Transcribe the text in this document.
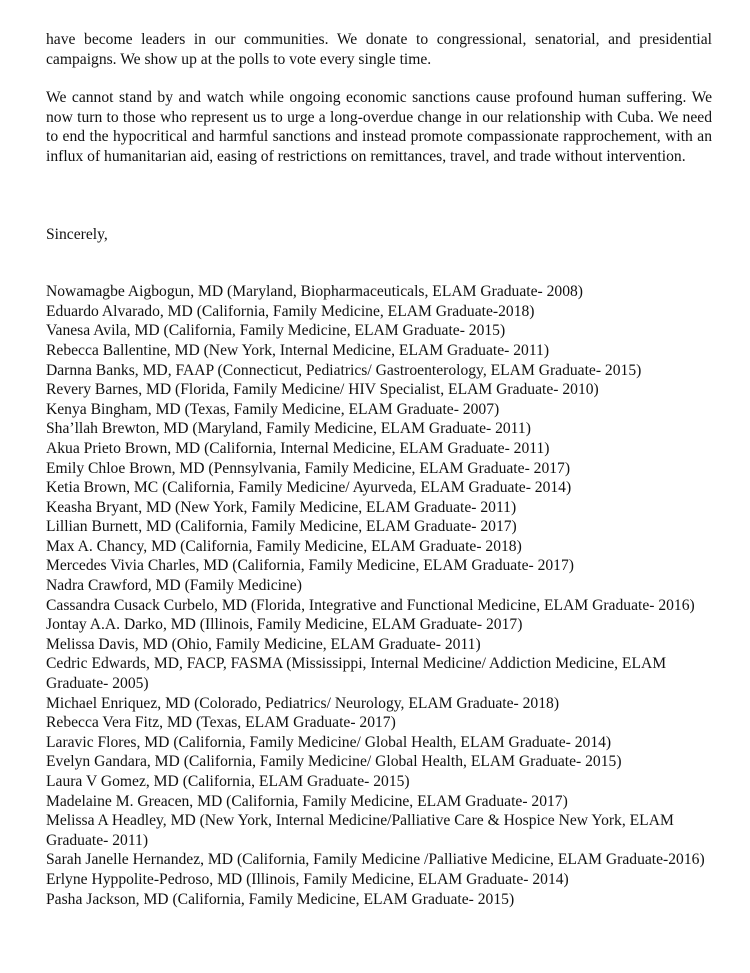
have become leaders in our communities. We donate to congressional, senatorial, and presidential campaigns. We show up at the polls to vote every single time.

We cannot stand by and watch while ongoing economic sanctions cause profound human suffering. We now turn to those who represent us to urge a long-overdue change in our relationship with Cuba. We need to end the hypocritical and harmful sanctions and instead promote compassionate rapprochement, with an influx of humanitarian aid, easing of restrictions on remittances, travel, and trade without intervention.

Sincerely,

Nowamagbe Aigbogun, MD (Maryland, Biopharmaceuticals, ELAM Graduate- 2008)
Eduardo Alvarado, MD (California, Family Medicine, ELAM Graduate-2018)
Vanesa Avila, MD (California, Family Medicine, ELAM Graduate- 2015)
Rebecca Ballentine, MD (New York, Internal Medicine, ELAM Graduate- 2011)
Darnna Banks, MD, FAAP (Connecticut, Pediatrics/ Gastroenterology, ELAM Graduate- 2015)
Revery Barnes, MD (Florida, Family Medicine/ HIV Specialist, ELAM Graduate- 2010)
Kenya Bingham, MD (Texas, Family Medicine, ELAM Graduate- 2007)
Sha’llah Brewton, MD (Maryland, Family Medicine, ELAM Graduate- 2011)
Akua Prieto Brown, MD (California, Internal Medicine, ELAM Graduate- 2011)
Emily Chloe Brown, MD (Pennsylvania, Family Medicine, ELAM Graduate- 2017)
Ketia Brown, MC (California, Family Medicine/ Ayurveda, ELAM Graduate- 2014)
Keasha Bryant, MD (New York, Family Medicine, ELAM Graduate- 2011)
Lillian Burnett, MD (California, Family Medicine, ELAM Graduate- 2017)
Max A. Chancy, MD (California, Family Medicine, ELAM Graduate- 2018)
Mercedes Vivia Charles, MD (California, Family Medicine, ELAM Graduate- 2017)
Nadra Crawford, MD (Family Medicine)
Cassandra Cusack Curbelo, MD (Florida, Integrative and Functional Medicine, ELAM Graduate- 2016)
Jontay A.A. Darko, MD (Illinois, Family Medicine, ELAM Graduate- 2017)
Melissa Davis, MD (Ohio, Family Medicine, ELAM Graduate- 2011)
Cedric Edwards, MD, FACP, FASMA (Mississippi, Internal Medicine/ Addiction Medicine, ELAM Graduate- 2005)
Michael Enriquez, MD (Colorado, Pediatrics/ Neurology, ELAM Graduate- 2018)
Rebecca Vera Fitz, MD (Texas, ELAM Graduate- 2017)
Laravic Flores, MD (California, Family Medicine/ Global Health, ELAM Graduate- 2014)
Evelyn Gandara, MD (California, Family Medicine/ Global Health, ELAM Graduate- 2015)
Laura V Gomez, MD (California, ELAM Graduate- 2015)
Madelaine M. Greacen, MD (California, Family Medicine, ELAM Graduate- 2017)
Melissa A Headley, MD (New York, Internal Medicine/Palliative Care & Hospice New York, ELAM Graduate- 2011)
Sarah Janelle Hernandez, MD (California, Family Medicine /Palliative Medicine, ELAM Graduate-2016)
Erlyne Hyppolite-Pedroso, MD (Illinois, Family Medicine, ELAM Graduate- 2014)
Pasha Jackson, MD (California, Family Medicine, ELAM Graduate- 2015)
